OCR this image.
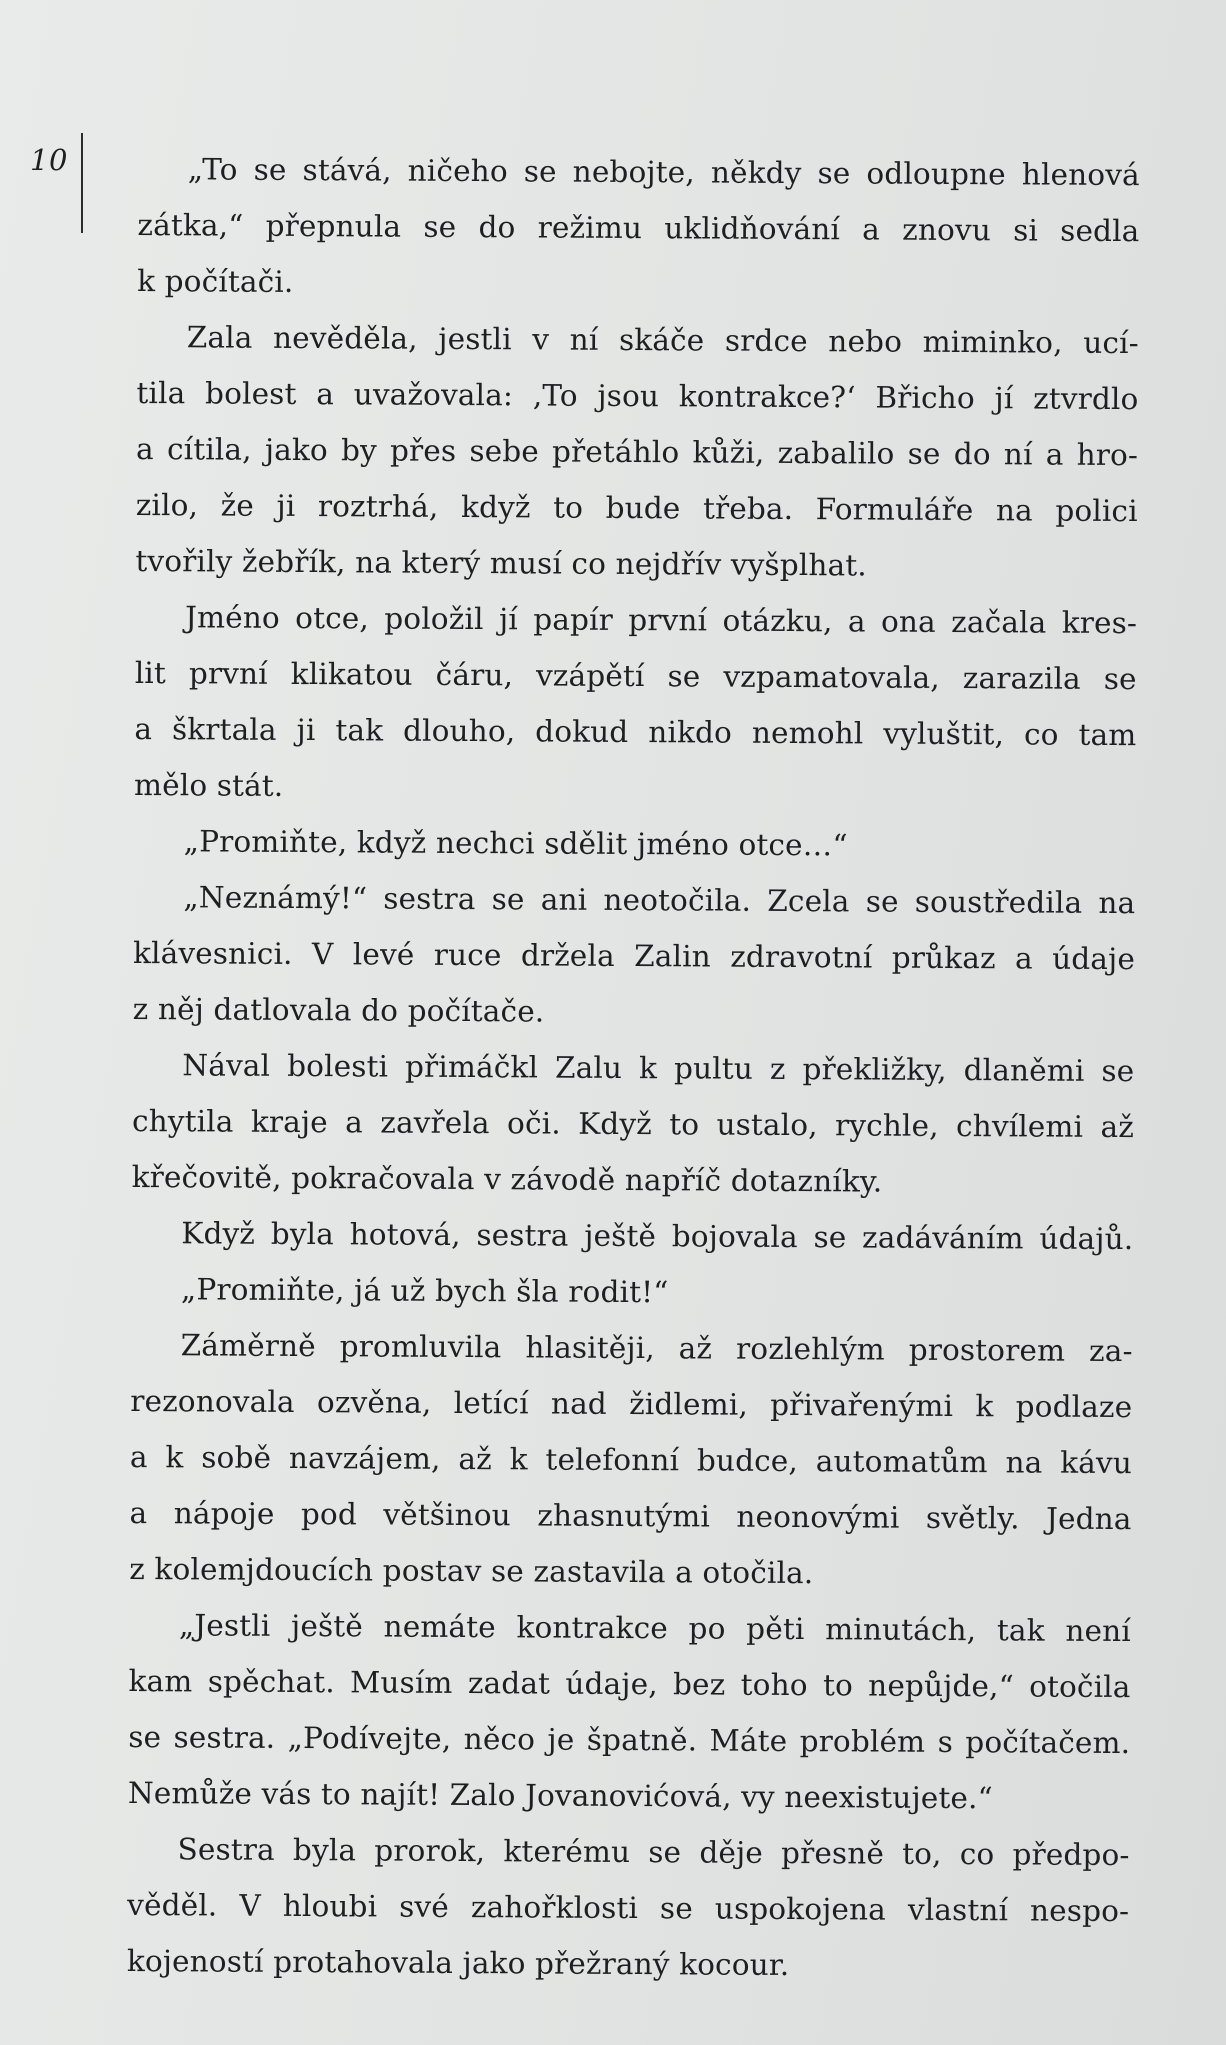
10	„To se stává, ničeho se nebojte, někdy se odloupne hlenová
zátka,“ přepnula se do režimu uklidňování a znovu si sedla
k počítači.
Zala nevěděla, jestli v ní skáče srdce nebo miminko, ucí-
tila bolest a uvažovala: ‚To jsou kontrakce?‘ Břicho jí ztvrdlo
a cítila, jako by přes sebe přetáhlo kůži, zabalilo se do ní a hro-
zilo, že ji roztrhá, když to bude třeba. Formuláře na polici
tvořily žebřík, na který musí co nejdřív vyšplhat.
Jméno otce, položil jí papír první otázku, a ona začala kres-
lit první klikatou čáru, vzápětí se vzpamatovala, zarazila se
a škrtala ji tak dlouho, dokud nikdo nemohl vyluštit, co tam
mělo stát.
„Promiňte, když nechci sdělit jméno otce…“
„Neznámý!“ sestra se ani neotočila. Zcela se soustředila na
klávesnici. V levé ruce držela Zalin zdravotní průkaz a údaje
z něj datlovala do počítače.
Nával bolesti přimáčkl Zalu k pultu z překližky, dlaněmi se
chytila kraje a zavřela oči. Když to ustalo, rychle, chvílemi až
křečovitě, pokračovala v závodě napříč dotazníky.
Když byla hotová, sestra ještě bojovala se zadáváním údajů.
„Promiňte, já už bych šla rodit!“
Záměrně promluvila hlasitěji, až rozlehlým prostorem za-
rezonovala ozvěna, letící nad židlemi, přivařenými k podlaze
a k sobě navzájem, až k telefonní budce, automatům na kávu
a nápoje pod většinou zhasnutými neonovými světly. Jedna
z kolemjdoucích postav se zastavila a otočila.
„Jestli ještě nemáte kontrakce po pěti minutách, tak není
kam spěchat. Musím zadat údaje, bez toho to nepůjde,“ otočila
se sestra. „Podívejte, něco je špatně. Máte problém s počítačem.
Nemůže vás to najít! Zalo Jovanovićová, vy neexistujete.“
Sestra byla prorok, kterému se děje přesně to, co předpo-
věděl. V hloubi své zahořklosti se uspokojena vlastní nespo-
kojeností protahovala jako přežraný kocour.
